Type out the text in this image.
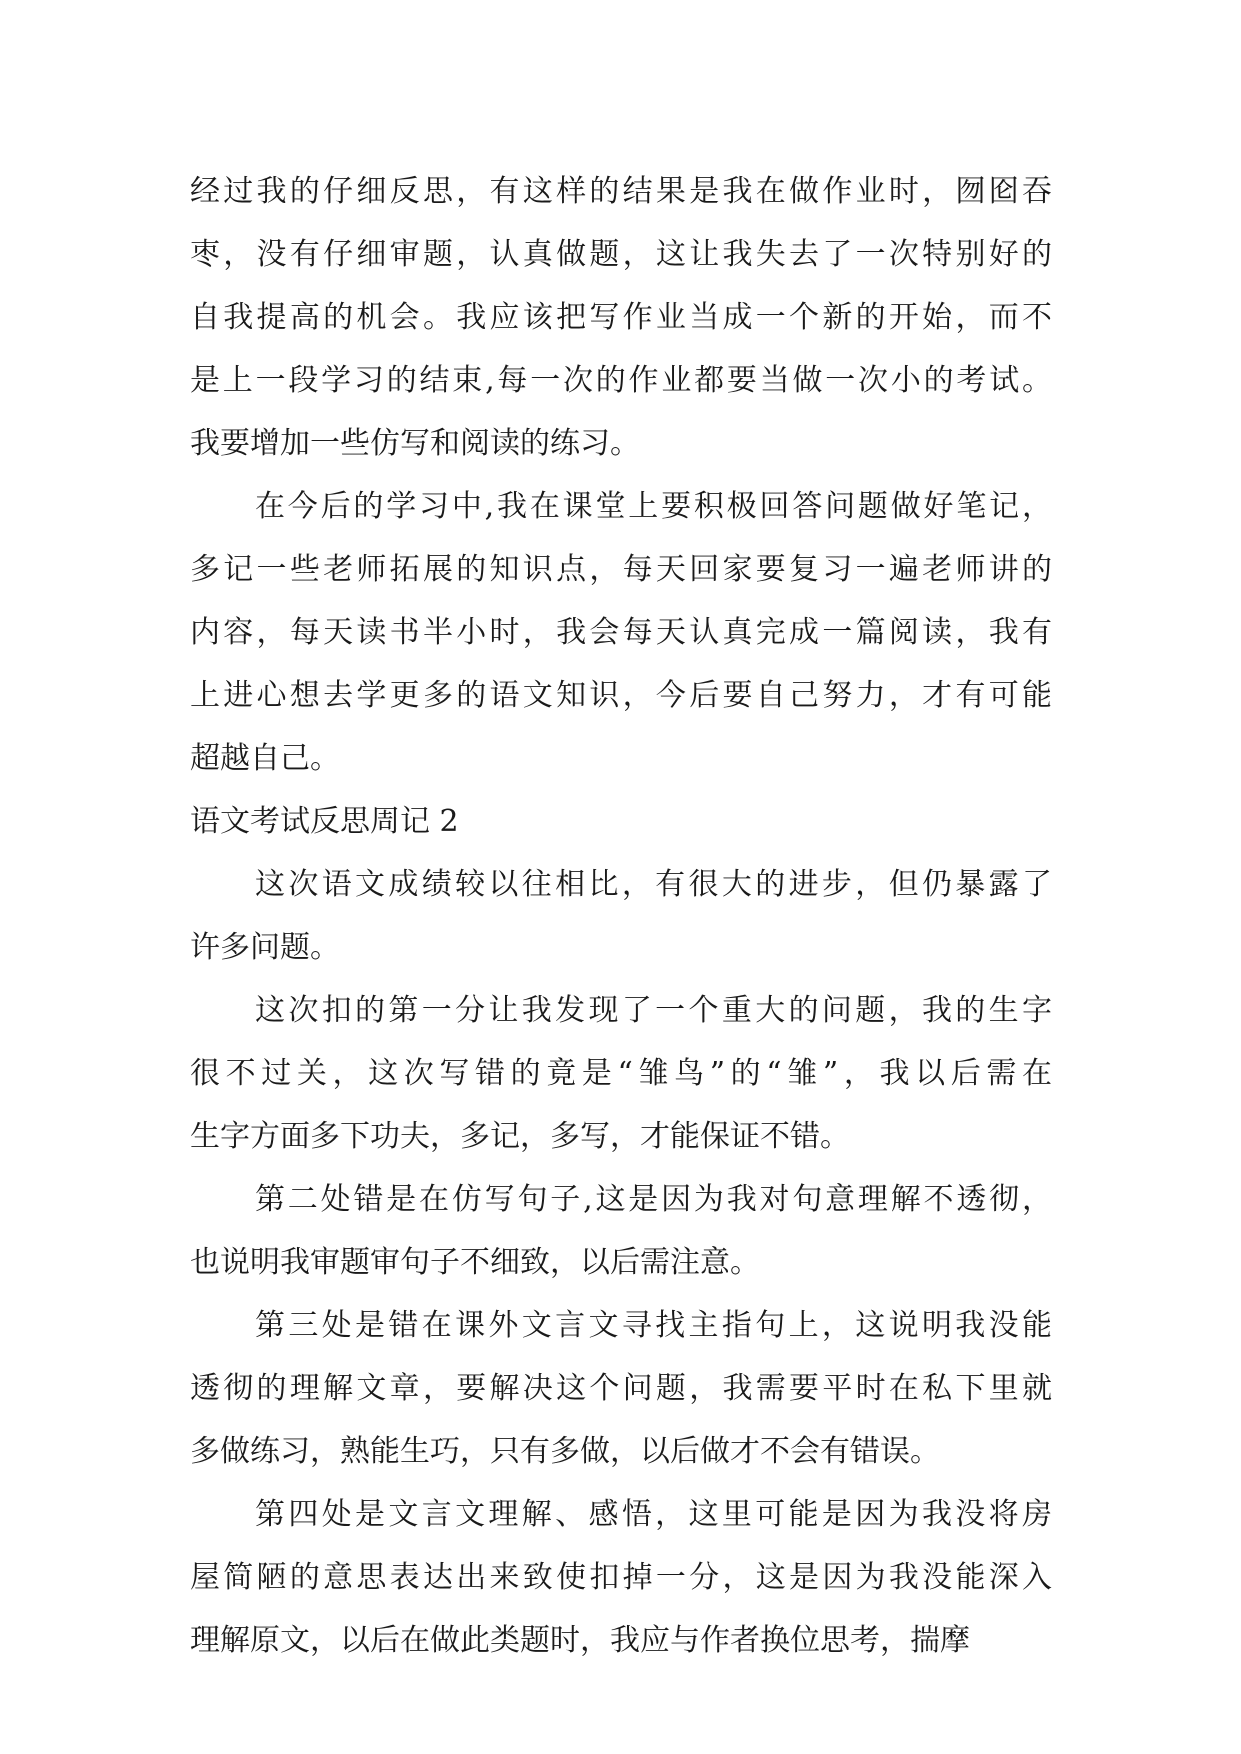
经过我的仔细反思，有这样的结果是我在做作业时，囫囵吞
枣，没有仔细审题，认真做题，这让我失去了一次特别好的
自我提高的机会。我应该把写作业当成一个新的开始，而不
是上一段学习的结束,每一次的作业都要当做一次小的考试。
我要增加一些仿写和阅读的练习。
在今后的学习中,我在课堂上要积极回答问题做好笔记，
多记一些老师拓展的知识点，每天回家要复习一遍老师讲的
内容，每天读书半小时，我会每天认真完成一篇阅读，我有
上进心想去学更多的语文知识，今后要自己努力，才有可能
超越自己。
语文考试反思周记 2
这次语文成绩较以往相比，有很大的进步，但仍暴露了
许多问题。
这次扣的第一分让我发现了一个重大的问题，我的生字
很不过关，这次写错的竟是“雏鸟”的“雏”，我以后需在
生字方面多下功夫，多记，多写，才能保证不错。
第二处错是在仿写句子,这是因为我对句意理解不透彻，
也说明我审题审句子不细致，以后需注意。
第三处是错在课外文言文寻找主指句上，这说明我没能
透彻的理解文章，要解决这个问题，我需要平时在私下里就
多做练习，熟能生巧，只有多做，以后做才不会有错误。
第四处是文言文理解、感悟，这里可能是因为我没将房
屋简陋的意思表达出来致使扣掉一分，这是因为我没能深入
理解原文，以后在做此类题时，我应与作者换位思考，揣摩
